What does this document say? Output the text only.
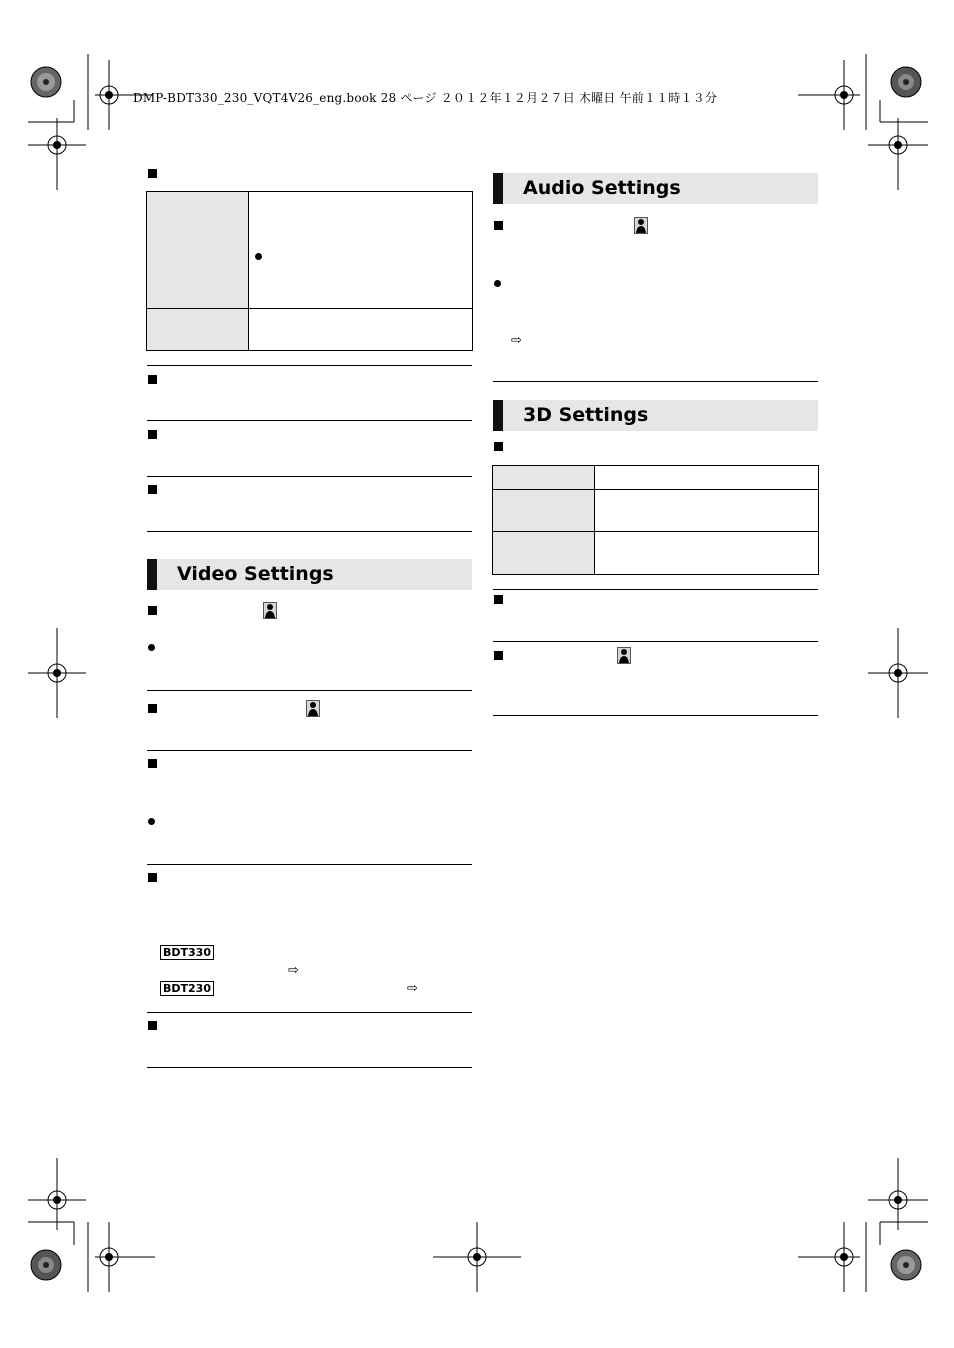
DMP-BDT330_230_VQT4V26_eng.book 28 ページ ２０１２年１２月２７日 木曜日 午前１１時１３分
Video Settings
BDT330
⇨
BDT230	⇨
Audio Settings
⇨
3D Settings
